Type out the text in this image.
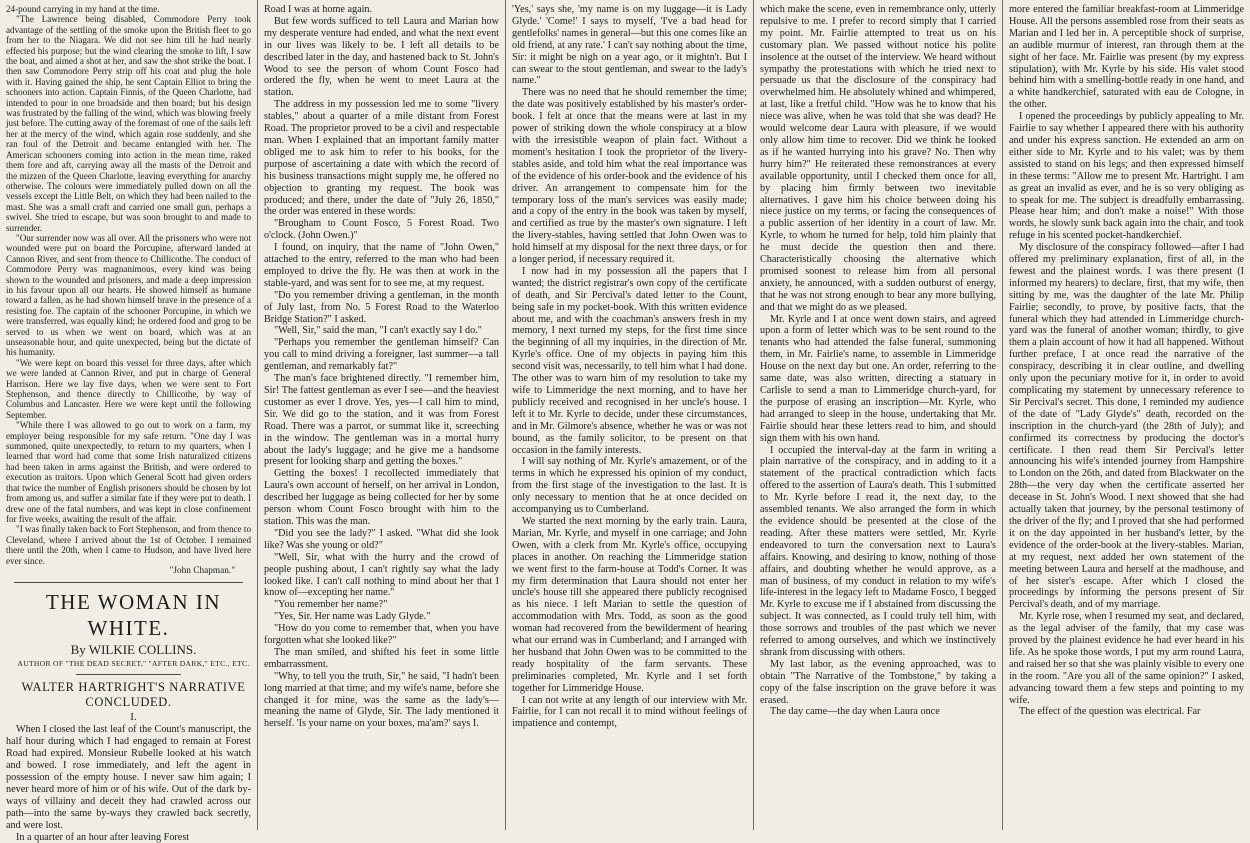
24-pound carrying in my hand at the time.

"The Lawrence being disabled, Commodore Perry took advantage of the settling of the smoke upon the British fleet to go from her to the Niagara. We did not see him till he had nearly effected his purpose; but the wind clearing the smoke to lift, I saw the boat, and aimed a shot at her, and saw the shot strike the boat. I then saw Commodore Perry strip off his coat and plug the hole with it. Having gained the ship, he sent Captain Elliot to bring the schooners into action. Captain Finnis, of the Queen Charlotte, had intended to pour in one broadside and then board; but his design was frustrated by the falling of the wind, which was blowing freely just before. The cutting away of the foremast of one of the sails left her at the mercy of the wind, which again rose suddenly, and she ran foul of the Detroit and became entangled with her. The American schooners coming into action in the mean time, raked them fore and aft, carrying away all the masts of the Detroit and the mizzen of the Queen Charlotte, leaving everything for anarchy otherwise. The colours were immediately pulled down on all the vessels except the Little Belt, on which they had been nailed to the mast. She was a small craft and carried one small gun, perhaps a swivel. She tried to escape, but was soon brought to and made to surrender.

"Our surrender now was all over. All the prisoners who were not wounded were put on board the Porcupine, afterward landed at Cannon River, and sent from thence to Chillicothe. The conduct of Commodore Perry was magnanimous, every kind was being shown to the wounded and prisoners, and made a deep impression in his favour upon all our hearts. He showed himself as humane toward a fallen, as he had shown himself brave in the presence of a resisting foe. The captain of the schooner Porcupine, in which we were transferred, was equally kind; he ordered food and grog to be served to us when we went on board, which was at an unseasonable hour, and quite unexpected, being but the dictate of his humanity.

"We were kept on board this vessel for three days, after which we were landed at Cannon River, and put in charge of General Harrison. Here we lay five days, when we were sent to Fort Stephenson, and thence directly to Chillicothe, by way of Columbus and Lancaster. Here we were kept until the following September.

"While there I was allowed to go out to work on a farm, my employer being responsible for my safe return. "One day I was summoned, quite unexpectedly, to return to my quarters, when I learned that word had come that some Irish naturalized citizens had been taken in arms against the British, and were ordered to execution as traitors. Upon which General Scott had given orders that twice the number of English prisoners should be chosen by lot from among us, and suffer a similar fate if they were put to death. I drew one of the fatal numbers, and was kept in close confinement for five weeks, awaiting the result of the affair.

"I was finally taken back to Fort Stephenson, and from thence to Cleveland, where I arrived about the 1st of October. I remained there until the 20th, when I came to Hudson, and have lived here ever since.

"John Chapman."

THE WOMAN IN WHITE.

By WILKIE COLLINS.

AUTHOR OF "THE DEAD SECRET," "AFTER DARK," ETC., ETC.

WALTER HARTRIGHT'S NARRATIVE CONCLUDED.

I.

When I closed the last leaf of the Count's manuscript, the half hour during which I had engaged to remain at Forest Road had expired. Monsieur Rubelle looked at his watch and bowed. I rose immediately, and left the agent in possession of the empty house. I never saw him again; I never heard more of him or of his wife. Out of the dark by-ways of villainy and deceit they had crawled across our path—into the same by-ways they crawled back secretly, and were lost.

In a quarter of an hour after leaving Forest

Road I was at home again.

But few words sufficed to tell Laura and Marian how my desperate venture had ended, and what the next event in our lives was likely to be. I left all details to be described later in the day, and hastened back to St. John's Wood to see the person of whom Count Fosco had ordered the fly, when he went to meet Laura at the station.

The address in my possession led me to some "livery stables," about a quarter of a mile distant from Forest Road. The proprietor proved to be a civil and respectable man. When I explained that an important family matter obliged me to ask him to refer to his books, for the purpose of ascertaining a date with which the record of his business transactions might supply me, he offered no objection to granting my request. The book was produced; and there, under the date of "July 26, 1850," the order was entered in these words:

"Brougham to Count Fosco, 5 Forest Road. Two o'clock. (John Owen.)"

I found, on inquiry, that the name of "John Owen," attached to the entry, referred to the man who had been employed to drive the fly. He was then at work in the stable-yard, and was sent for to see me, at my request.

"Do you remember driving a gentleman, in the month of July last, from No. 5 Forest Road to the Waterloo Bridge Station?" I asked.

"Well, Sir," said the man, "I can't exactly say I do."

"Perhaps you remember the gentleman himself? Can you call to mind driving a foreigner, last summer—a tall gentleman, and remarkably fat?"

The man's face brightened directly. "I remember him, Sir! The fattest gentleman as ever I see—and the heaviest customer as ever I drove. Yes, yes—I call him to mind, Sir. We did go to the station, and it was from Forest Road. There was a parrot, or summat like it, screeching in the window. The gentleman was in a mortal hurry about the lady's luggage; and he give me a handsome present for looking sharp and getting the boxes."

Getting the boxes! I recollected immediately that Laura's own account of herself, on her arrival in London, described her luggage as being collected for her by some person whom Count Fosco brought with him to the station. This was the man.

"Did you see the lady?" I asked. "What did she look like? Was she young or old?"

"Well, Sir, what with the hurry and the crowd of people pushing about, I can't rightly say what the lady looked like. I can't call nothing to mind about her that I know of—excepting her name."

"You remember her name?"

"Yes, Sir. Her name was Lady Glyde."

"How do you come to remember that, when you have forgotten what she looked like?"

The man smiled, and shifted his feet in some little embarrassment.

"Why, to tell you the truth, Sir," he said, "I hadn't been long married at that time; and my wife's name, before she changed it for mine, was the same as the lady's—meaning the name of Glyde, Sir. The lady mentioned it herself. 'Is your name on your boxes, ma'am?' says I.

'Yes,' says she, 'my name is on my luggage—it is Lady Glyde.' 'Come!' I says to myself, 'I've a bad head for gentlefolks' names in general—but this one comes like an old friend, at any rate.' I can't say nothing about the time, Sir: it might be nigh on a year ago, or it mightn't. But I can swear to the stout gentleman, and swear to the lady's name."

There was no need that he should remember the time; the date was positively established by his master's order-book. I felt at once that the means were at last in my power of striking down the whole conspiracy at a blow with the irresistible weapon of plain fact. Without a moment's hesitation I took the proprietor of the livery-stables aside, and told him what the real importance was of the evidence of his order-book and the evidence of his driver. An arrangement to compensate him for the temporary loss of the man's services was easily made; and a copy of the entry in the book was taken by myself, and certified as true by the master's own signature. I left the livery-stables, having settled that John Owen was to hold himself at my disposal for the next three days, or for a longer period, if necessary required it.

I now had in my possession all the papers that I wanted; the district registrar's own copy of the certificate of death, and Sir Percival's dated letter to the Count, being safe in my pocket-book. With this written evidence about me, and with the coachman's answers fresh in my memory, I next turned my steps, for the first time since the beginning of all my inquiries, in the direction of Mr. Kyrle's office. One of my objects in paying him this second visit was, necessarily, to tell him what I had done. The other was to warn him of my resolution to take my wife to Limmeridge the next morning, and to have her publicly received and recognised in her uncle's house. I left it to Mr. Kyrle to decide, under these circumstances, and in Mr. Gilmore's absence, whether he was or was not bound, as the family solicitor, to be present on that occasion in the family interests.

I will say nothing of Mr. Kyrle's amazement, or of the terms in which he expressed his opinion of my conduct, from the first stage of the investigation to the last. It is only necessary to mention that he at once decided on accompanying us to Cumberland.

We started the next morning by the early train. Laura, Marian, Mr. Kyrle, and myself in one carriage; and John Owen, with a clerk from Mr. Kyrle's office, occupying places in another. On reaching the Limmeridge station we went first to the farm-house at Todd's Corner. It was my firm determination that Laura should not enter her uncle's house till she appeared there publicly recognised as his niece. I left Marian to settle the question of accommodation with Mrs. Todd, as soon as the good woman had recovered from the bewilderment of hearing what our errand was in Cumberland; and I arranged with her husband that John Owen was to be committed to the ready hospitality of the farm servants. These preliminaries completed, Mr. Kyrle and I set forth together for Limmeridge House.

I can not write at any length of our interview with Mr. Fairlie, for I can not recall it to mind without feelings of impatience and contempt,

which make the scene, even in remembrance only, utterly repulsive to me. I prefer to record simply that I carried my point. Mr. Fairlie attempted to treat us on his customary plan. We passed without notice his polite insolence at the outset of the interview. We heard without sympathy the protestations with which he tried next to persuade us that the disclosure of the conspiracy had overwhelmed him. He absolutely whined and whimpered, at last, like a fretful child. "How was he to know that his niece was alive, when he was told that she was dead? He would welcome dear Laura with pleasure, if we would only allow him time to recover. Did we think he looked as if he wanted hurrying into his grave? No. Then why hurry him?" He reiterated these remonstrances at every available opportunity, until I checked them once for all, by placing him firmly between two inevitable alternatives. I gave him his choice between doing his niece justice on my terms, or facing the consequences of a public assertion of her identity in a court of law. Mr. Kyrle, to whom he turned for help, told him plainly that he must decide the question then and there. Characteristically choosing the alternative which promised soonest to release him from all personal anxiety, he announced, with a sudden outburst of energy, that he was not strong enough to bear any more bullying, and that we might do as we pleased.

Mr. Kyrle and I at once went down stairs, and agreed upon a form of letter which was to be sent round to the tenants who had attended the false funeral, summoning them, in Mr. Fairlie's name, to assemble in Limmeridge House on the next day but one. An order, referring to the same date, was also written, directing a statuary in Carlisle to send a man to Limmeridge church-yard, for the purpose of erasing an inscription—Mr. Kyrle, who had arranged to sleep in the house, undertaking that Mr. Fairlie should hear these letters read to him, and should sign them with his own hand.

I occupied the interval-day at the farm in writing a plain narrative of the conspiracy, and in adding to it a statement of the practical contradiction which facts offered to the assertion of Laura's death. This I submitted to Mr. Kyrle before I read it, the next day, to the assembled tenants. We also arranged the form in which the evidence should be presented at the close of the reading. After these matters were settled, Mr. Kyrle endeavored to turn the conversation next to Laura's affairs. Knowing, and desiring to know, nothing of those affairs, and doubting whether he would approve, as a man of business, of my conduct in relation to my wife's life-interest in the legacy left to Madame Fosco, I begged Mr. Kyrle to excuse me if I abstained from discussing the subject. It was connected, as I could truly tell him, with those sorrows and troubles of the past which we never referred to among ourselves, and which we instinctively shrank from discussing with others.

My last labor, as the evening approached, was to obtain "The Narrative of the Tombstone," by taking a copy of the false inscription on the grave before it was erased.

The day came—the day when Laura once

more entered the familiar breakfast-room at Limmeridge House. All the persons assembled rose from their seats as Marian and I led her in. A perceptible shock of surprise, an audible murmur of interest, ran through them at the sight of her face. Mr. Fairlie was present (by my express stipulation), with Mr. Kyrle by his side. His valet stood behind him with a smelling-bottle ready in one hand, and a white handkerchief, saturated with eau de Cologne, in the other.

I opened the proceedings by publicly appealing to Mr. Fairlie to say whether I appeared there with his authority and under his express sanction. He extended an arm on either side to Mr. Kyrle and to his valet; was by them assisted to stand on his legs; and then expressed himself in these terms: "Allow me to present Mr. Hartright. I am as great an invalid as ever, and he is so very obliging as to speak for me. The subject is dreadfully embarrassing. Please hear him; and don't make a noise!" With those words, he slowly sunk back again into the chair, and took refuge in his scented pocket-handkerchief.

My disclosure of the conspiracy followed—after I had offered my preliminary explanation, first of all, in the fewest and the plainest words. I was there present (I informed my hearers) to declare, first, that my wife, then sitting by me, was the daughter of the late Mr. Philip Fairlie; secondly, to prove, by positive facts, that the funeral which they had attended in Limmeridge church-yard was the funeral of another woman; thirdly, to give them a plain account of how it had all happened. Without further preface, I at once read the narrative of the conspiracy, describing it in clear outline, and dwelling only upon the pecuniary motive for it, in order to avoid complicating my statement by unnecessary reference to Sir Percival's secret. This done, I reminded my audience of the date of "Lady Glyde's" death, recorded on the inscription in the church-yard (the 28th of July); and confirmed its correctness by producing the doctor's certificate. I then read them Sir Percival's letter announcing his wife's intended journey from Hampshire to London on the 26th, and dated from Blackwater on the 28th—the very day when the certificate asserted her decease in St. John's Wood. I next showed that she had actually taken that journey, by the personal testimony of the driver of the fly; and I proved that she had performed it on the day appointed in her husband's letter, by the evidence of the order-book at the livery-stables. Marian, at my request, next added her own statement of the meeting between Laura and herself at the madhouse, and of her sister's escape. After which I closed the proceedings by informing the persons present of Sir Percival's death, and of my marriage.

Mr. Kyrle rose, when I resumed my seat, and declared, as the legal adviser of the family, that my case was proved by the plainest evidence he had ever heard in his life. As he spoke those words, I put my arm round Laura, and raised her so that she was plainly visible to every one in the room. "Are you all of the same opinion?" I asked, advancing toward them a few steps and pointing to my wife.

The effect of the question was electrical. Far
